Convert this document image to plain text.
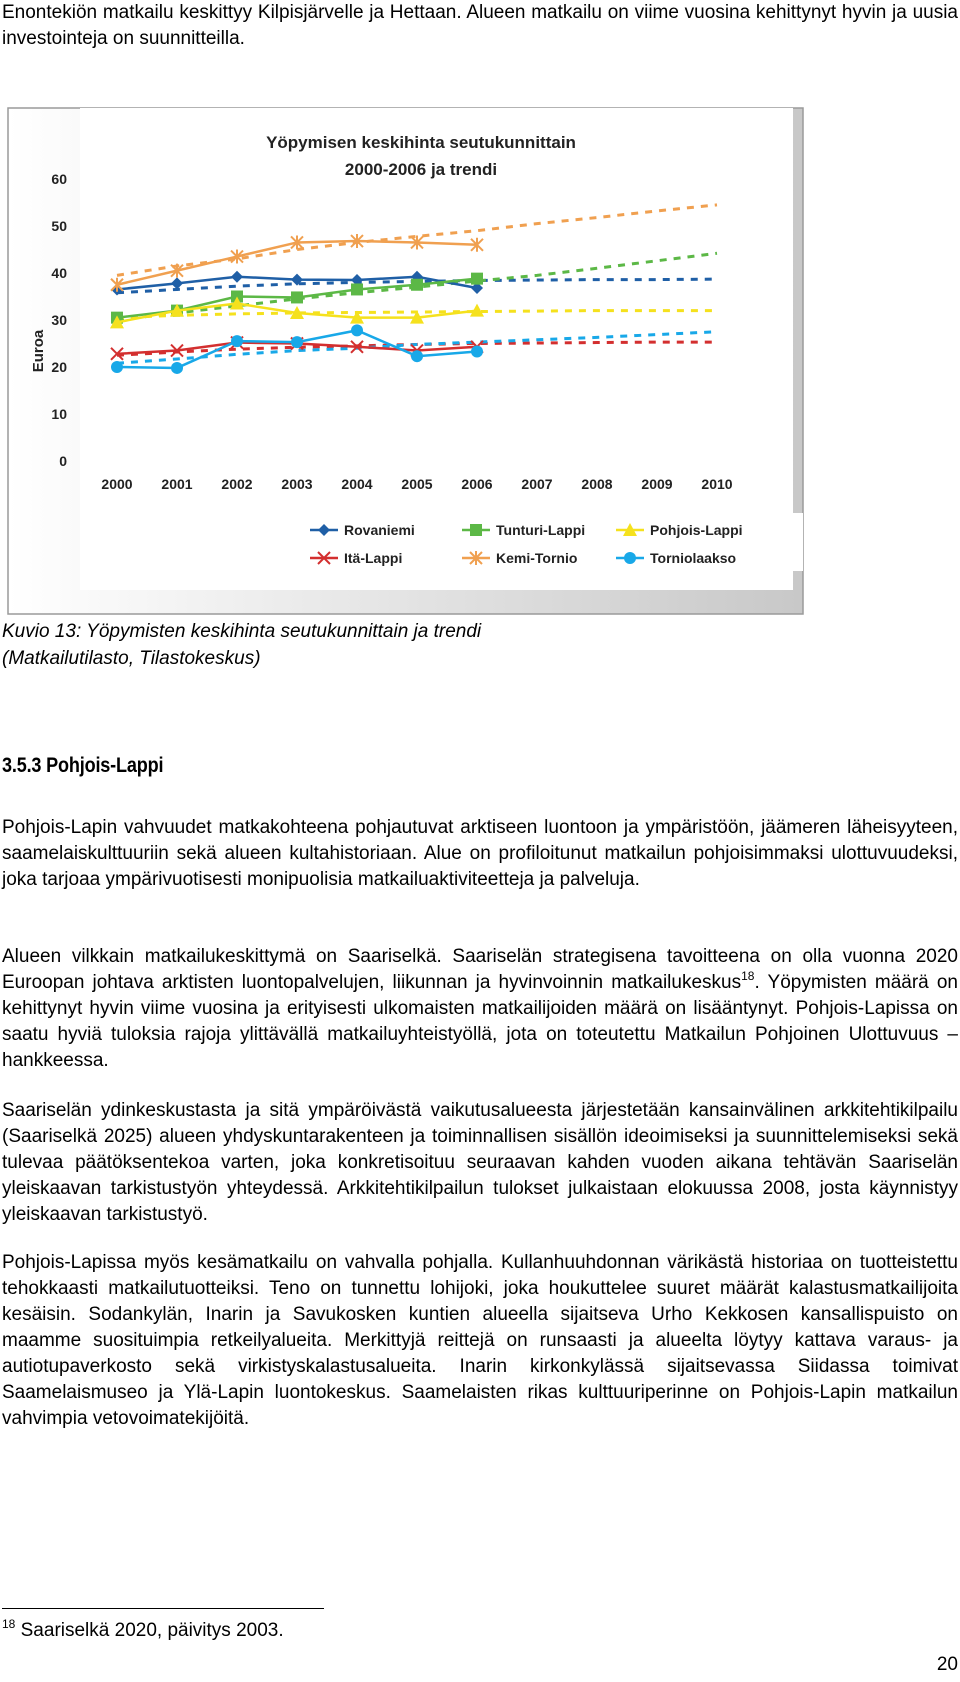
Enontekiön matkailu keskittyy Kilpisjärvelle ja Hettaan. Alueen matkailu on viime vuosina kehittynyt hyvin ja uusia investointeja on suunnitteilla.

Yöpymisen keskihinta seutukunnittain
2000-2006 ja trendi
Euroa
0
10
20
30
40
50
60
2000 2001 2002 2003 2004 2005 2006 2007 2008 2009 2010
Rovaniemi	Tunturi-Lappi	Pohjois-Lappi
Itä-Lappi	Kemi-Tornio	Torniolaakso

Kuvio 13: Yöpymisten keskihinta seutukunnittain ja trendi

(Matkailutilasto, Tilastokeskus)

3.5.3 Pohjois-Lappi

Pohjois-Lapin vahvuudet matkakohteena pohjautuvat arktiseen luontoon ja ympäristöön, jäämeren läheisyyteen, saamelaiskulttuuriin sekä alueen kultahistoriaan. Alue on profiloitunut matkailun pohjoisimmaksi ulottuvuudeksi, joka tarjoaa ympärivuotisesti monipuolisia matkailuaktiviteetteja ja palveluja.

Alueen vilkkain matkailukeskittymä on Saariselkä. Saariselän strategisena tavoitteena on olla vuonna 2020 Euroopan johtava arktisten luontopalvelujen, liikunnan ja hyvinvoinnin matkailukeskus$^{18}$. Yöpymisten määrä on kehittynyt hyvin viime vuosina ja erityisesti ulkomaisten matkailijoiden määrä on lisääntynyt. Pohjois-Lapissa on saatu hyviä tuloksia rajoja ylittävällä matkailuyhteistyöllä, jota on toteutettu Matkailun Pohjoinen Ulottuvuus –hankkeessa.

Saariselän ydinkeskustasta ja sitä ympäröivästä vaikutusalueesta järjestetään kansainvälinen arkkitehtikilpailu (Saariselkä 2025) alueen yhdyskuntarakenteen ja toiminnallisen sisällön ideoimiseksi ja suunnittelemiseksi sekä tulevaa päätöksentekoa varten, joka konkretisoituu seuraavan kahden vuoden aikana tehtävän Saariselän yleiskaavan tarkistustyön yhteydessä. Arkkitehtikilpailun tulokset julkaistaan elokuussa 2008, josta käynnistyy yleiskaavan tarkistustyö.

Pohjois-Lapissa myös kesämatkailu on vahvalla pohjalla. Kullanhuuhdonnan värikästä historiaa on tuotteistettu tehokkaasti matkailutuotteiksi. Teno on tunnettu lohijoki, joka houkuttelee suuret määrät kalastusmatkailijoita kesäisin. Sodankylän, Inarin ja Savukosken kuntien alueella sijaitseva Urho Kekkosen kansallispuisto on maamme suosituimpia retkeilyalueita. Merkittyjä reittejä on runsaasti ja alueelta löytyy kattava varaus- ja autiotupaverkosto sekä virkistyskalastusalueita. Inarin kirkonkylässä sijaitsevassa Siidassa toimivat Saamelaismuseo ja Ylä-Lapin luontokeskus. Saamelaisten rikas kulttuuriperinne on Pohjois-Lapin matkailun vahvimpia vetovoimatekijöitä.

$^{18}$ Saariselkä 2020, päivitys 2003.
20
